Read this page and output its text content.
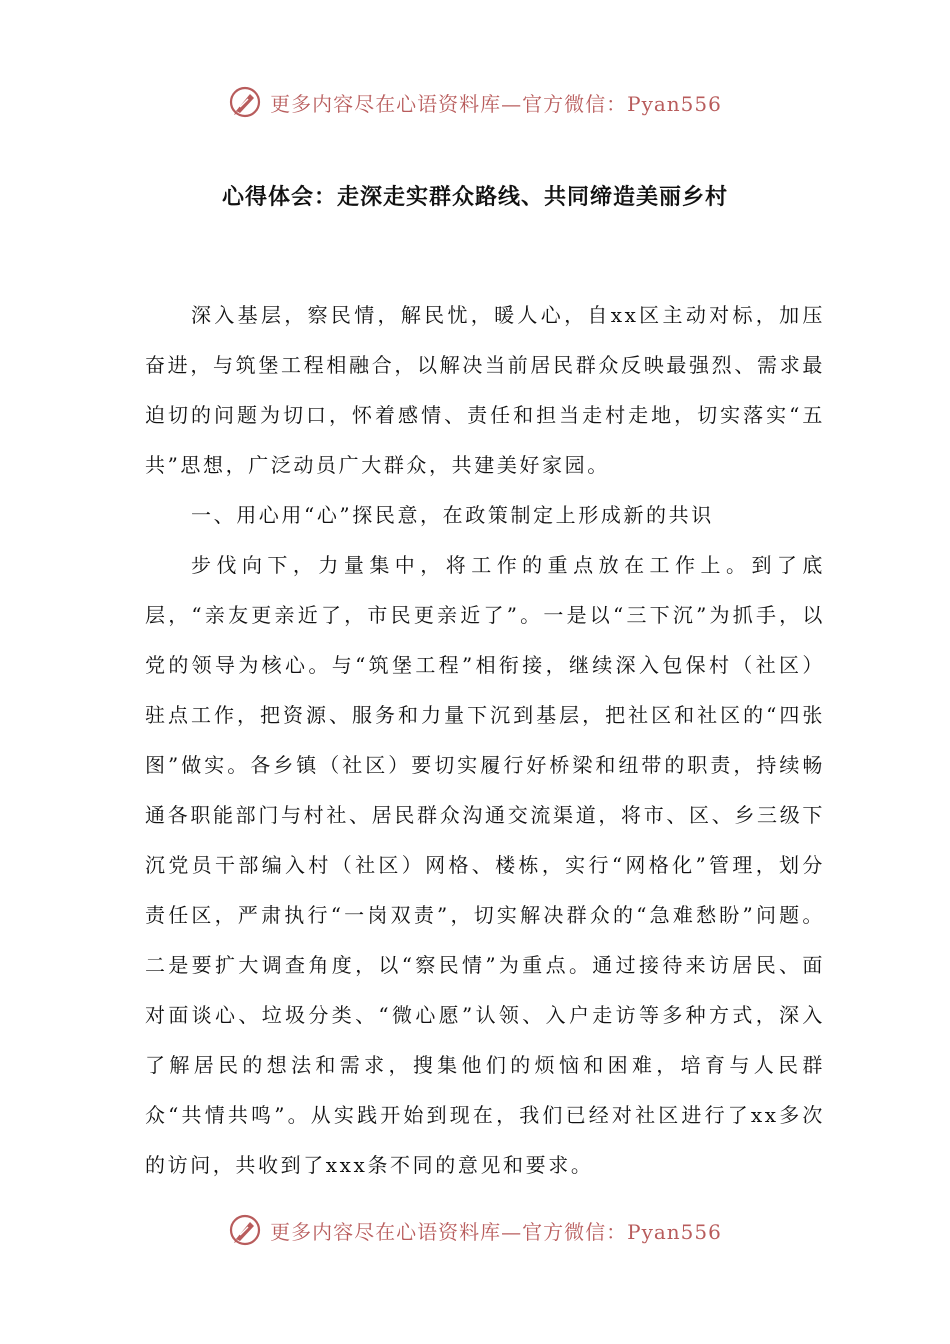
更多内容尽在心语资料库—官方微信：Pyan556
心得体会：走深走实群众路线、共同缔造美丽乡村

深入基层，察民情，解民忧，暖人心，自xx区主动对标，加压奋进，与筑堡工程相融合，以解决当前居民群众反映最强烈、需求最迫切的问题为切口，怀着感情、责任和担当走村走地，切实落实“五共”思想，广泛动员广大群众，共建美好家园。

一、用心用“心”探民意，在政策制定上形成新的共识

步伐向下，力量集中，将工作的重点放在工作上。到了底层，“亲友更亲近了，市民更亲近了”。一是以“三下沉”为抓手，以党的领导为核心。与“筑堡工程”相衔接，继续深入包保村（社区）驻点工作，把资源、服务和力量下沉到基层，把社区和社区的“四张图”做实。各乡镇（社区）要切实履行好桥梁和纽带的职责，持续畅通各职能部门与村社、居民群众沟通交流渠道，将市、区、乡三级下沉党员干部编入村（社区）网格、楼栋，实行“网格化”管理，划分责任区，严肃执行“一岗双责”，切实解决群众的“急难愁盼”问题。二是要扩大调查角度，以“察民情”为重点。通过接待来访居民、面对面谈心、垃圾分类、“微心愿”认领、入户走访等多种方式，深入了解居民的想法和需求，搜集他们的烦恼和困难，培育与人民群众“共情共鸣”。从实践开始到现在，我们已经对社区进行了xx多次的访问，共收到了xxx条不同的意见和要求。

更多内容尽在心语资料库—官方微信：Pyan556
